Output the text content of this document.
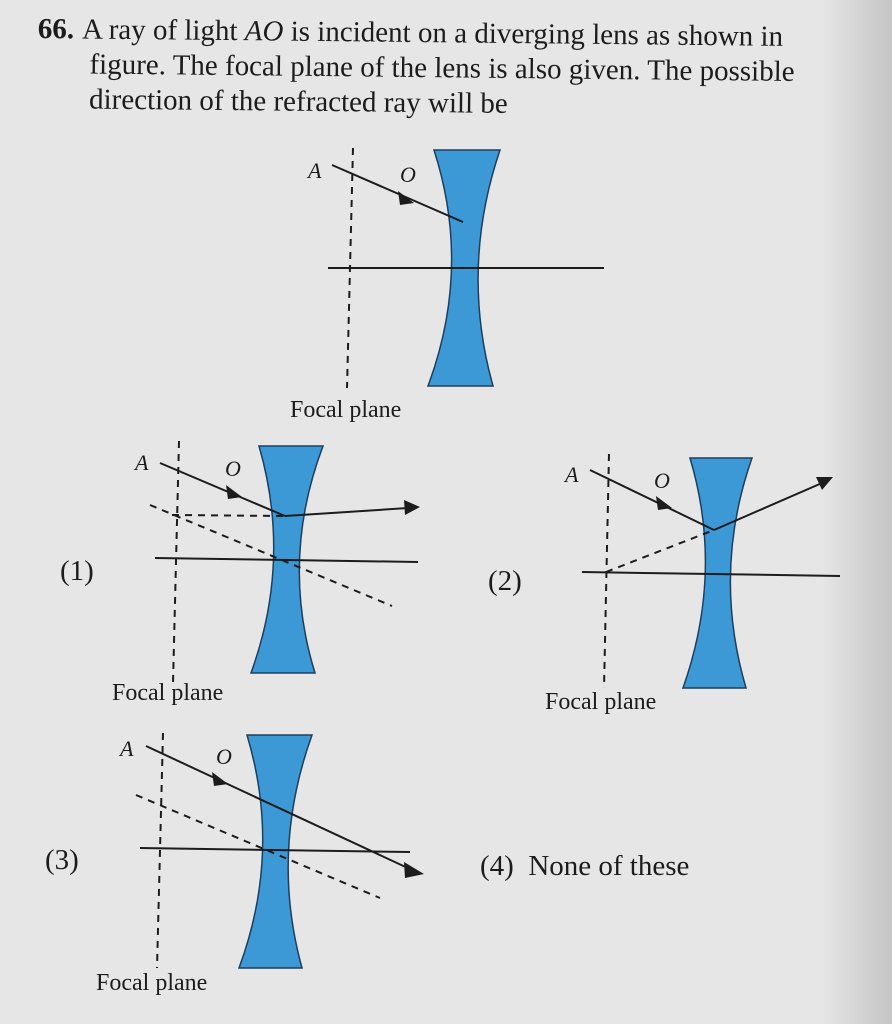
66. A ray of light AO is incident on a diverging lens as shown in
figure. The focal plane of the lens is also given. The possible
direction of the refracted ray will be
A	O
Focal plane
A	O
Focal plane
A	O
Focal plane
A	O
Focal plane
(1)	(2)
(3)	(4) None of these
